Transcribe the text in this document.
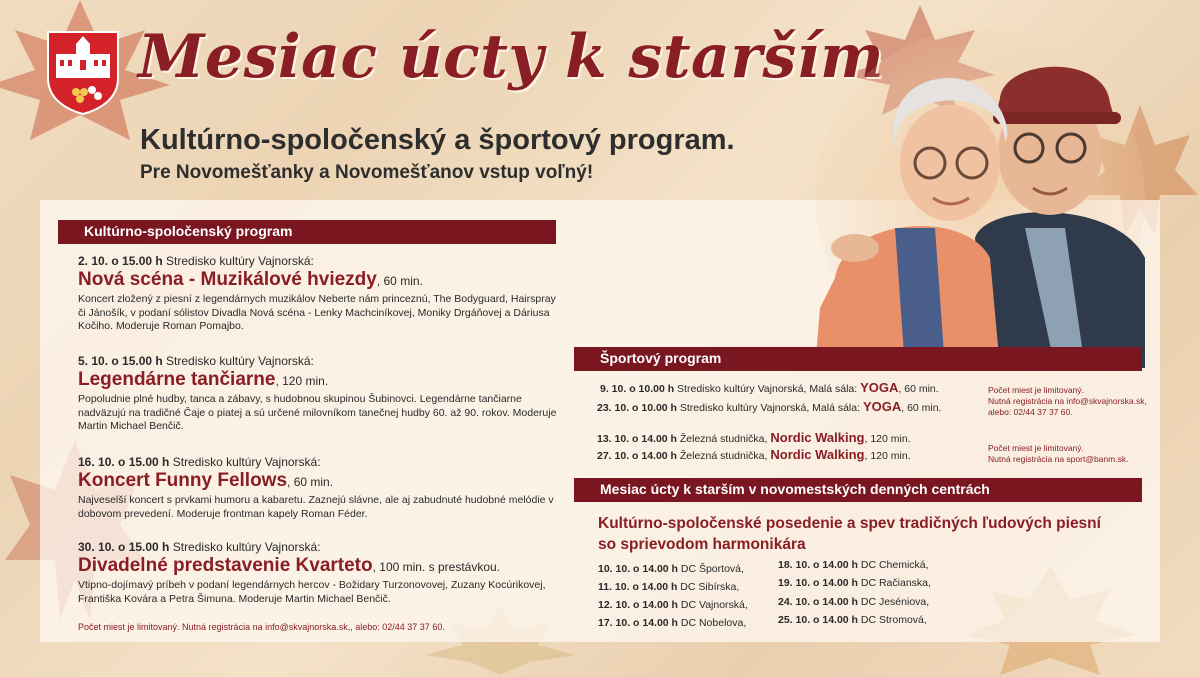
Mesiac úcty k starším
Kultúrno-spoločenský a športový program.
Pre Novomešťanky a Novomešťanov vstup voľný!
Kultúrno-spoločenský program
2. 10. o 15.00 h Stredisko kultúry Vajnorská:
Nová scéna - Muzikálové hviezdy, 60 min.
Koncert zložený z piesní z legendárnych muzikálov Neberte nám princeznú, The Bodyguard, Hairspray či Jánošík, v podaní sólistov Divadla Nová scéna - Lenky Machciníkovej, Moniky Drgáňovej a Dáriusa Kočiho. Moderuje Roman Pomajbo.
5. 10. o 15.00 h Stredisko kultúry Vajnorská:
Legendárne tančiarne, 120 min.
Popoludnie plné hudby, tanca a zábavy, s hudobnou skupinou Šubinovci. Legendárne tančiarne nadväzujú na tradičné Čaje o piatej a sú určené milovníkom tanečnej hudby 60. až 90. rokov. Moderuje Martin Michael Benčič.
16. 10. o 15.00 h Stredisko kultúry Vajnorská:
Koncert Funny Fellows, 60 min.
Najveselší koncert s prvkami humoru a kabaretu. Zaznejú slávne, ale aj zabudnuté hudobné melódie v dobovom prevedení. Moderuje frontman kapely Roman Féder.
30. 10. o 15.00 h Stredisko kultúry Vajnorská:
Divadelné predstavenie Kvarteto, 100 min. s prestávkou.
Vtipno-dojímavý príbeh v podaní legendárnych hercov - Božidary Turzonovovej, Zuzany Kocúrikovej, Františka Kovára a Petra Šimuna. Moderuje Martin Michael Benčič.
Počet miest je limitovaný. Nutná registrácia na info@skvajnorska.sk,, alebo: 02/44 37 37 60.
Športový program
9. 10. o 10.00 h Stredisko kultúry Vajnorská, Malá sála: YOGA, 60 min.
23. 10. o 10.00 h Stredisko kultúry Vajnorská, Malá sála: YOGA, 60 min.
13. 10. o 14.00 h Železná studnička, Nordic Walking, 120 min.
27. 10. o 14.00 h Železná studnička, Nordic Walking, 120 min.
Počet miest je limitovaný.
Nutná registrácia na info@skvajnorska.sk,
alebo: 02/44 37 37 60.
Počet miest je limitovaný.
Nutná registrácia na sport@banm.sk.
Mesiac úcty k starším v novomestských denných centrách
Kultúrno-spoločenské posedenie a spev tradičných ľudových piesní
so sprievodom harmonikára
10. 10. o 14.00 h DC Športová,
11. 10. o 14.00 h DC Sibírska,
12. 10. o 14.00 h DC Vajnorská,
17. 10. o 14.00 h DC Nobelova,
18. 10. o 14.00 h DC Chemická,
19. 10. o 14.00 h DC Račianska,
24. 10. o 14.00 h DC Jeséniova,
25. 10. o 14.00 h DC Stromová,
